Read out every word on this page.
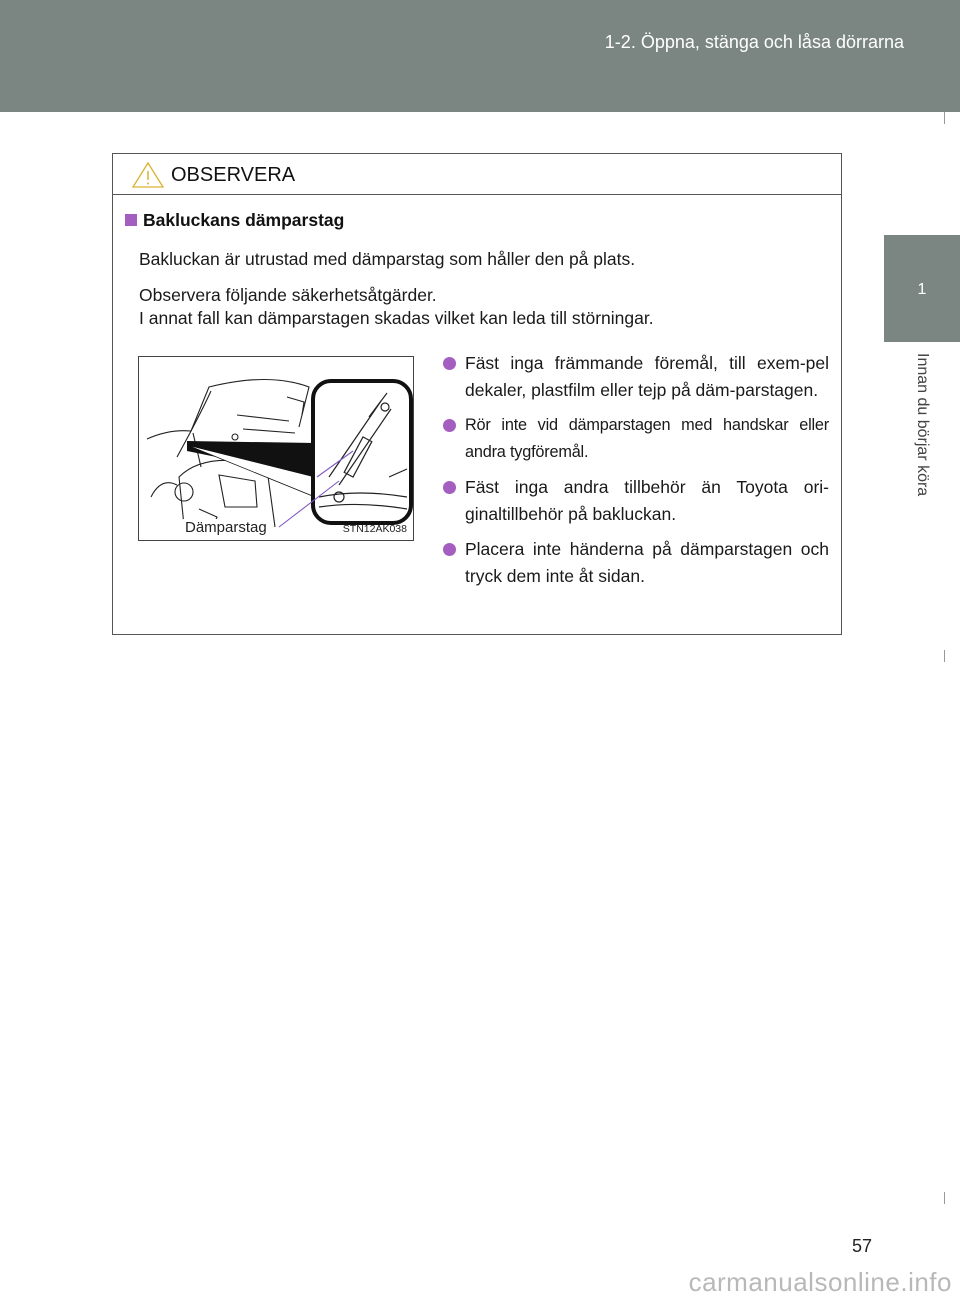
1-2. Öppna, stänga och låsa dörrarna
1
Innan du börjar köra
OBSERVERA
Bakluckans dämparstag
Bakluckan är utrustad med dämparstag som håller den på plats.
Observera följande säkerhetsåtgärder.
I annat fall kan dämparstagen skadas vilket kan leda till störningar.
Dämparstag	STN12AK038
Fäst inga främmande föremål, till exem-pel dekaler, plastfilm eller tejp på däm-parstagen.
Rör inte vid dämparstagen med handskar eller andra tygföremål.
Fäst inga andra tillbehör än Toyota ori-ginaltillbehör på bakluckan.
Placera inte händerna på dämparstagen och tryck dem inte åt sidan.
57
carmanualsonline.info
